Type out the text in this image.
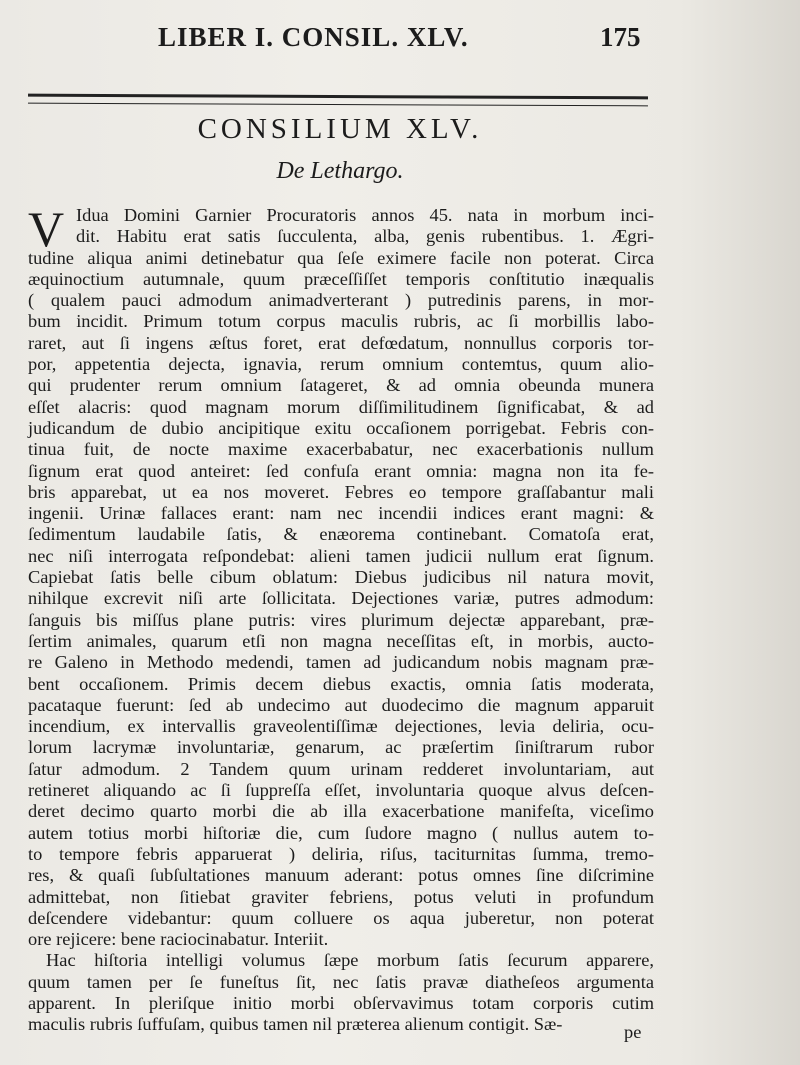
LIBER I. CONSIL. XLV.	175
CONSILIUM XLV.
De Lethargo.
V Idua Domini Garnier Procuratoris annos 45. nata in morbum inci-
dit. Habitu erat satis ſucculenta, alba, genis rubentibus. 1. Ægri-
tudine aliqua animi detinebatur qua ſeſe eximere facile non poterat. Circa
æquinoctium autumnale, quum præceſſiſſet temporis conſtitutio inæqualis
( qualem pauci admodum animadverterant ) putredinis parens, in mor-
bum incidit. Primum totum corpus maculis rubris, ac ſi morbillis labo-
raret, aut ſi ingens æſtus foret, erat defœdatum, nonnullus corporis tor-
por, appetentia dejecta, ignavia, rerum omnium contemtus, quum alio-
qui prudenter rerum omnium ſatageret, & ad omnia obeunda munera
eſſet alacris: quod magnam morum diſſimilitudinem ſignificabat, & ad
judicandum de dubio ancipitique exitu occaſionem porrigebat. Febris con-
tinua fuit, de nocte maxime exacerbabatur, nec exacerbationis nullum
ſignum erat quod anteiret: ſed confuſa erant omnia: magna non ita fe-
bris apparebat, ut ea nos moveret. Febres eo tempore graſſabantur mali
ingenii. Urinæ fallaces erant: nam nec incendii indices erant magni: &
ſedimentum laudabile ſatis, & enæorema continebant. Comatoſa erat,
nec niſi interrogata reſpondebat: alieni tamen judicii nullum erat ſignum.
Capiebat ſatis belle cibum oblatum: Diebus judicibus nil natura movit,
nihilque excrevit niſi arte ſollicitata. Dejectiones variæ, putres admodum:
ſanguis bis miſſus plane putris: vires plurimum dejectæ apparebant, præ-
ſertim animales, quarum etſi non magna neceſſitas eſt, in morbis, aucto-
re Galeno in Methodo medendi, tamen ad judicandum nobis magnam præ-
bent occaſionem. Primis decem diebus exactis, omnia ſatis moderata,
pacataque fuerunt: ſed ab undecimo aut duodecimo die magnum apparuit
incendium, ex intervallis graveolentiſſimæ dejectiones, levia deliria, ocu-
lorum lacrymæ involuntariæ, genarum, ac præſertim ſiniſtrarum rubor
ſatur admodum. 2 Tandem quum urinam redderet involuntariam, aut
retineret aliquando ac ſi ſuppreſſa eſſet, involuntaria quoque alvus deſcen-
deret decimo quarto morbi die ab illa exacerbatione manifeſta, viceſimo
autem totius morbi hiſtoriæ die, cum ſudore magno ( nullus autem to-
to tempore febris apparuerat ) deliria, riſus, taciturnitas ſumma, tremo-
res, & quaſi ſubſultationes manuum aderant: potus omnes ſine diſcrimine
admittebat, non ſitiebat graviter febriens, potus veluti in profundum
deſcendere videbantur: quum colluere os aqua juberetur, non poterat
ore rejicere: bene raciocinabatur. Interiit.
Hac hiſtoria intelligi volumus ſæpe morbum ſatis ſecurum apparere,
quum tamen per ſe funeſtus ſit, nec ſatis pravæ diatheſeos argumenta
apparent. In pleriſque initio morbi obſervavimus totam corporis cutim
maculis rubris ſuffuſam, quibus tamen nil præterea alienum contigit. Sæ-	pe
